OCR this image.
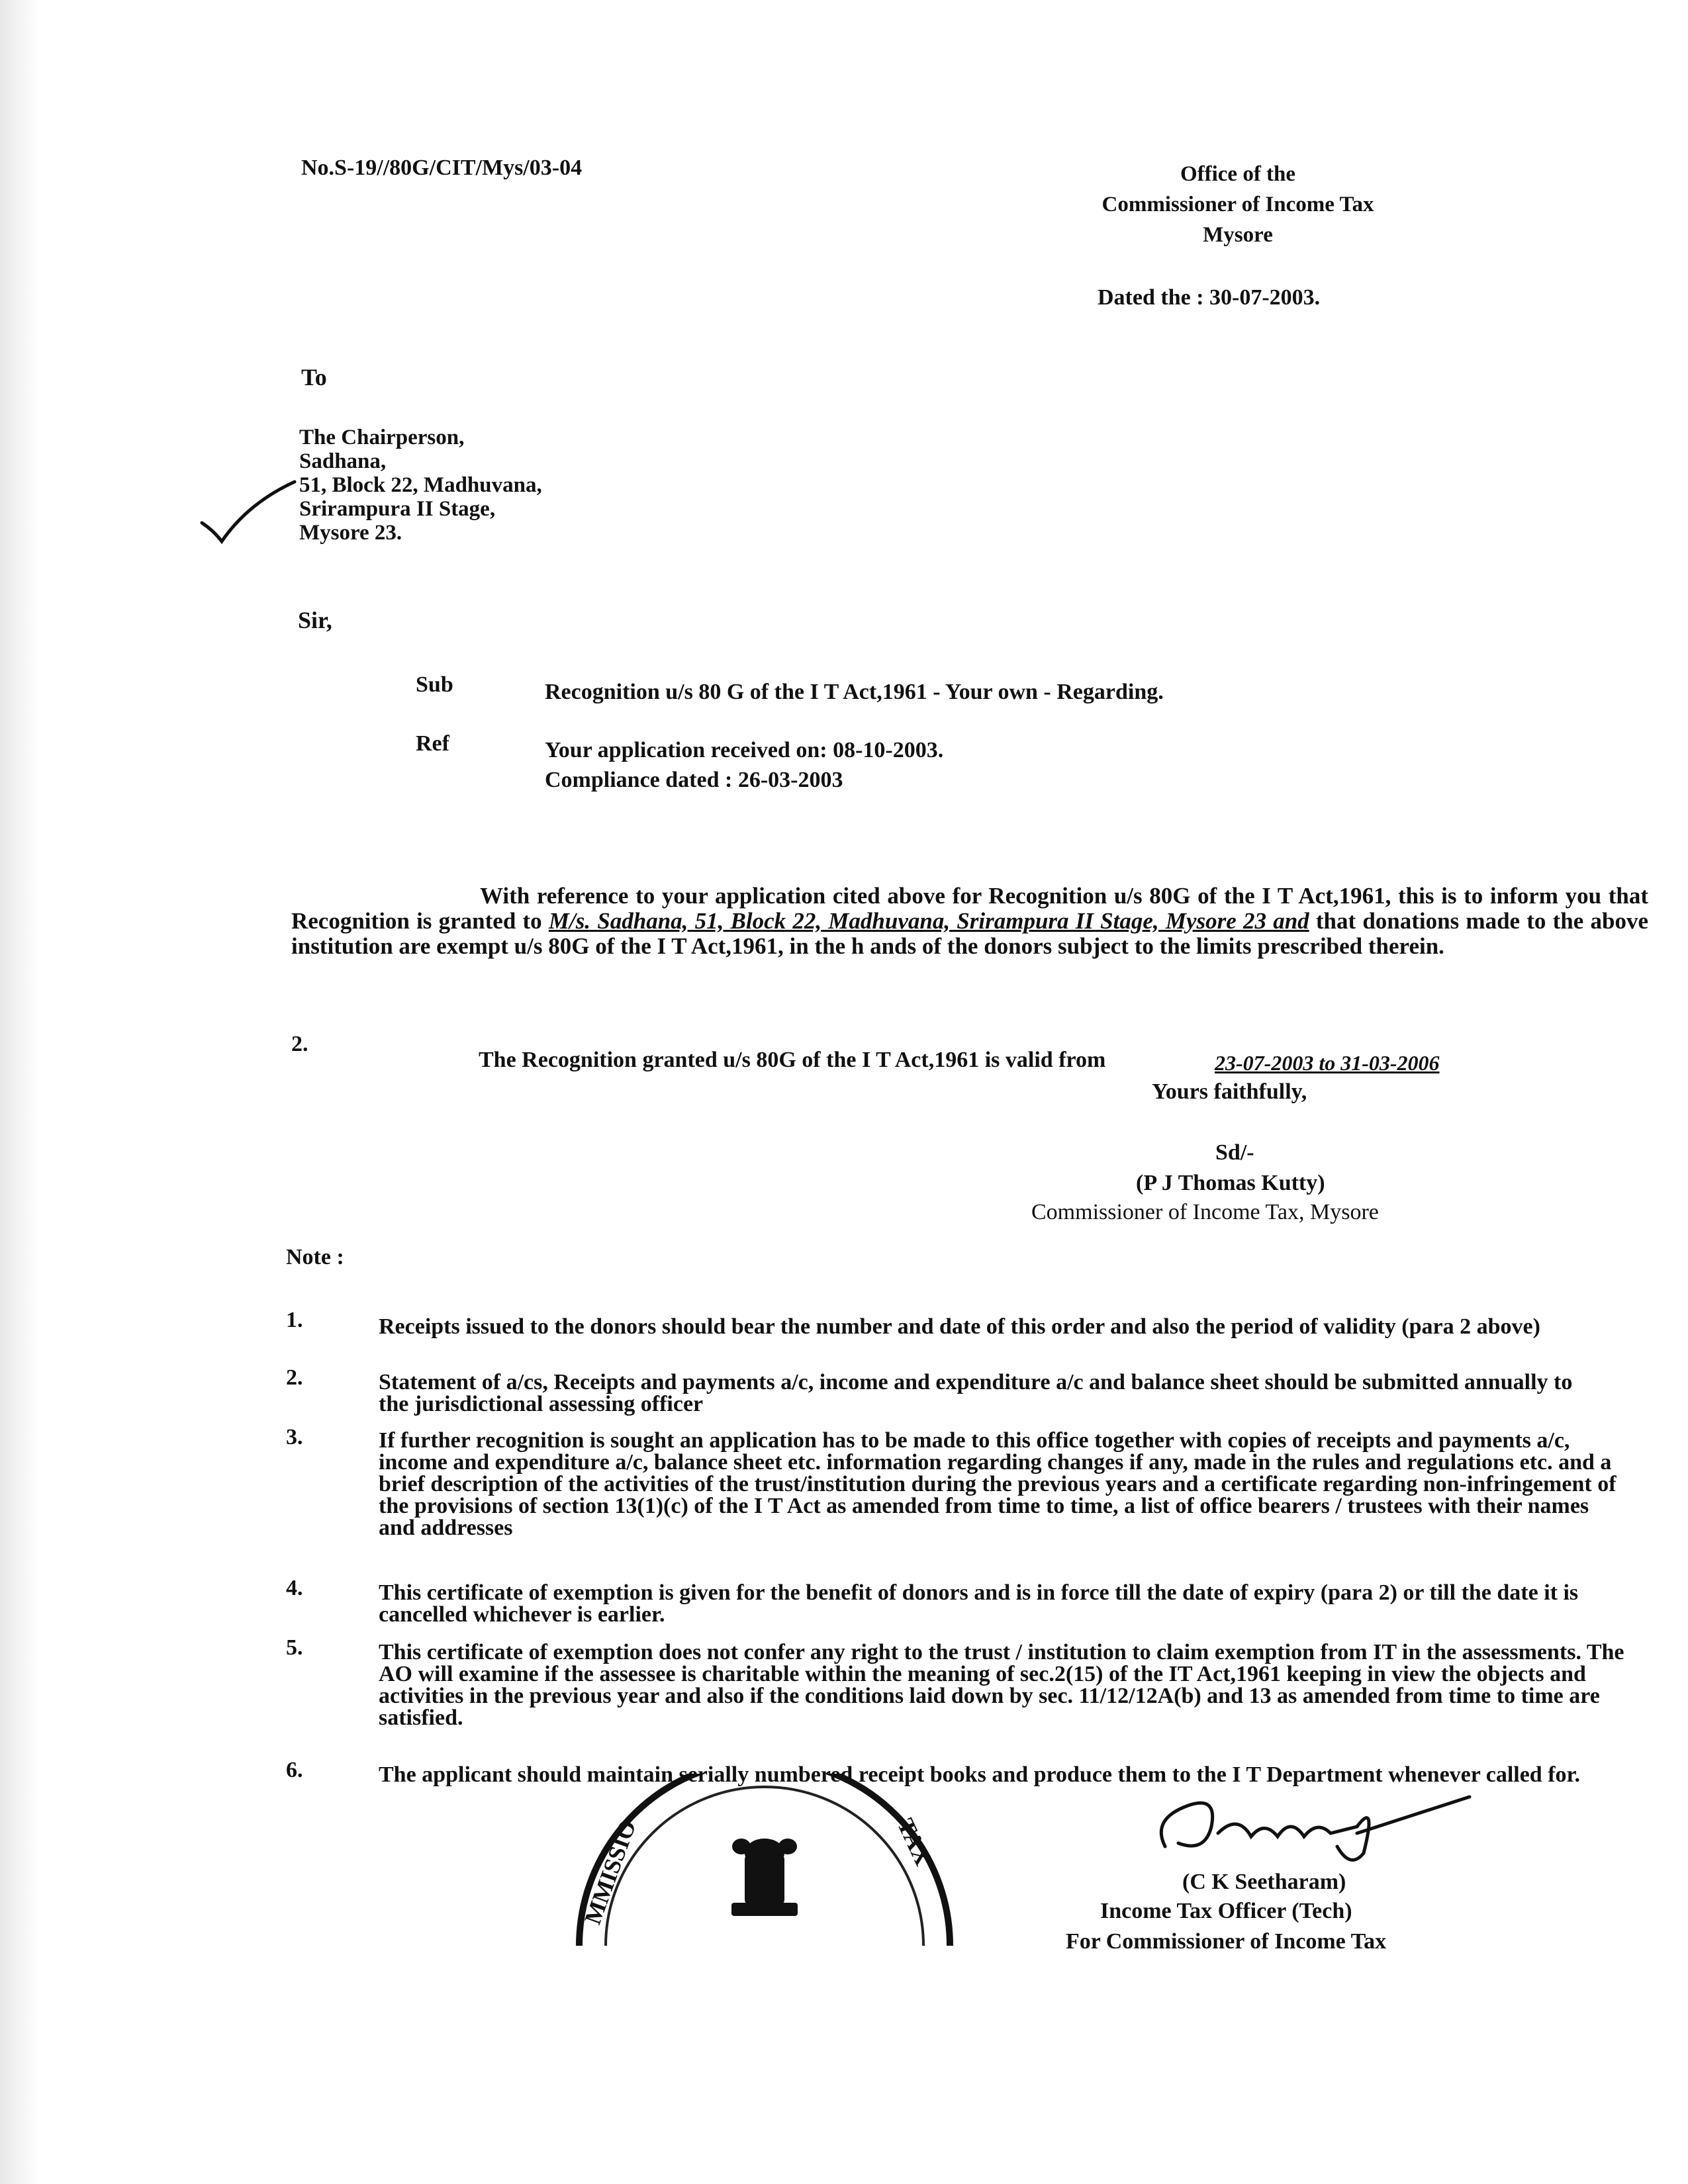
No.S-19//80G/CIT/Mys/03-04	Office of the
Commissioner of Income Tax
Mysore
Dated the : 30-07-2003.
To
The Chairperson,
Sadhana,
51, Block 22, Madhuvana,
Srirampura II Stage,
Mysore 23.
Sir,
Sub	Recognition u/s 80 G of the I T Act,1961 - Your own - Regarding.
Ref	Your application received on: 08-10-2003.
Compliance dated : 26-03-2003
With reference to your application cited above for Recognition u/s 80G of the I T Act,1961, this is to inform you that Recognition is granted to M/s. Sadhana, 51, Block 22, Madhuvana, Srirampura II Stage, Mysore 23 and that donations made to the above institution are exempt u/s 80G of the I T Act,1961, in the h ands of the donors subject to the limits prescribed therein.
2.
The Recognition granted u/s 80G of the I T Act,1961 is valid from	23-07-2003 to 31-03-2006
Yours faithfully,
Sd/-
(P J Thomas Kutty)
Commissioner of Income Tax, Mysore
Note :
1.	Receipts issued to the donors should bear the number and date of this order and also the period of validity (para 2 above)
2.	Statement of a/cs, Receipts and payments a/c, income and expenditure a/c and balance sheet should be submitted annually to the jurisdictional assessing officer
3.	If further recognition is sought an application has to be made to this office together with copies of receipts and payments a/c, income and expenditure a/c, balance sheet etc. information regarding changes if any, made in the rules and regulations etc. and a brief description of the activities of the trust/institution during the previous years and a certificate regarding non-infringement of the provisions of section 13(1)(c) of the I T Act as amended from time to time, a list of office bearers / trustees with their names and addresses
4.	This certificate of exemption is given for the benefit of donors and is in force till the date of expiry (para 2) or till the date it is cancelled whichever is earlier.
5.	This certificate of exemption does not confer any right to the trust / institution to claim exemption from IT in the assessments. The AO will examine if the assessee is charitable within the meaning of sec.2(15) of the IT Act,1961 keeping in view the objects and activities in the previous year and also if the conditions laid down by sec. 11/12/12A(b) and 13 as amended from time to time are satisfied.
6.	The applicant should maintain serially numbered receipt books and produce them to the I T Department whenever called for.
MMISSIO	TAX
(C K Seetharam)
Income Tax Officer (Tech)
For Commissioner of Income Tax
